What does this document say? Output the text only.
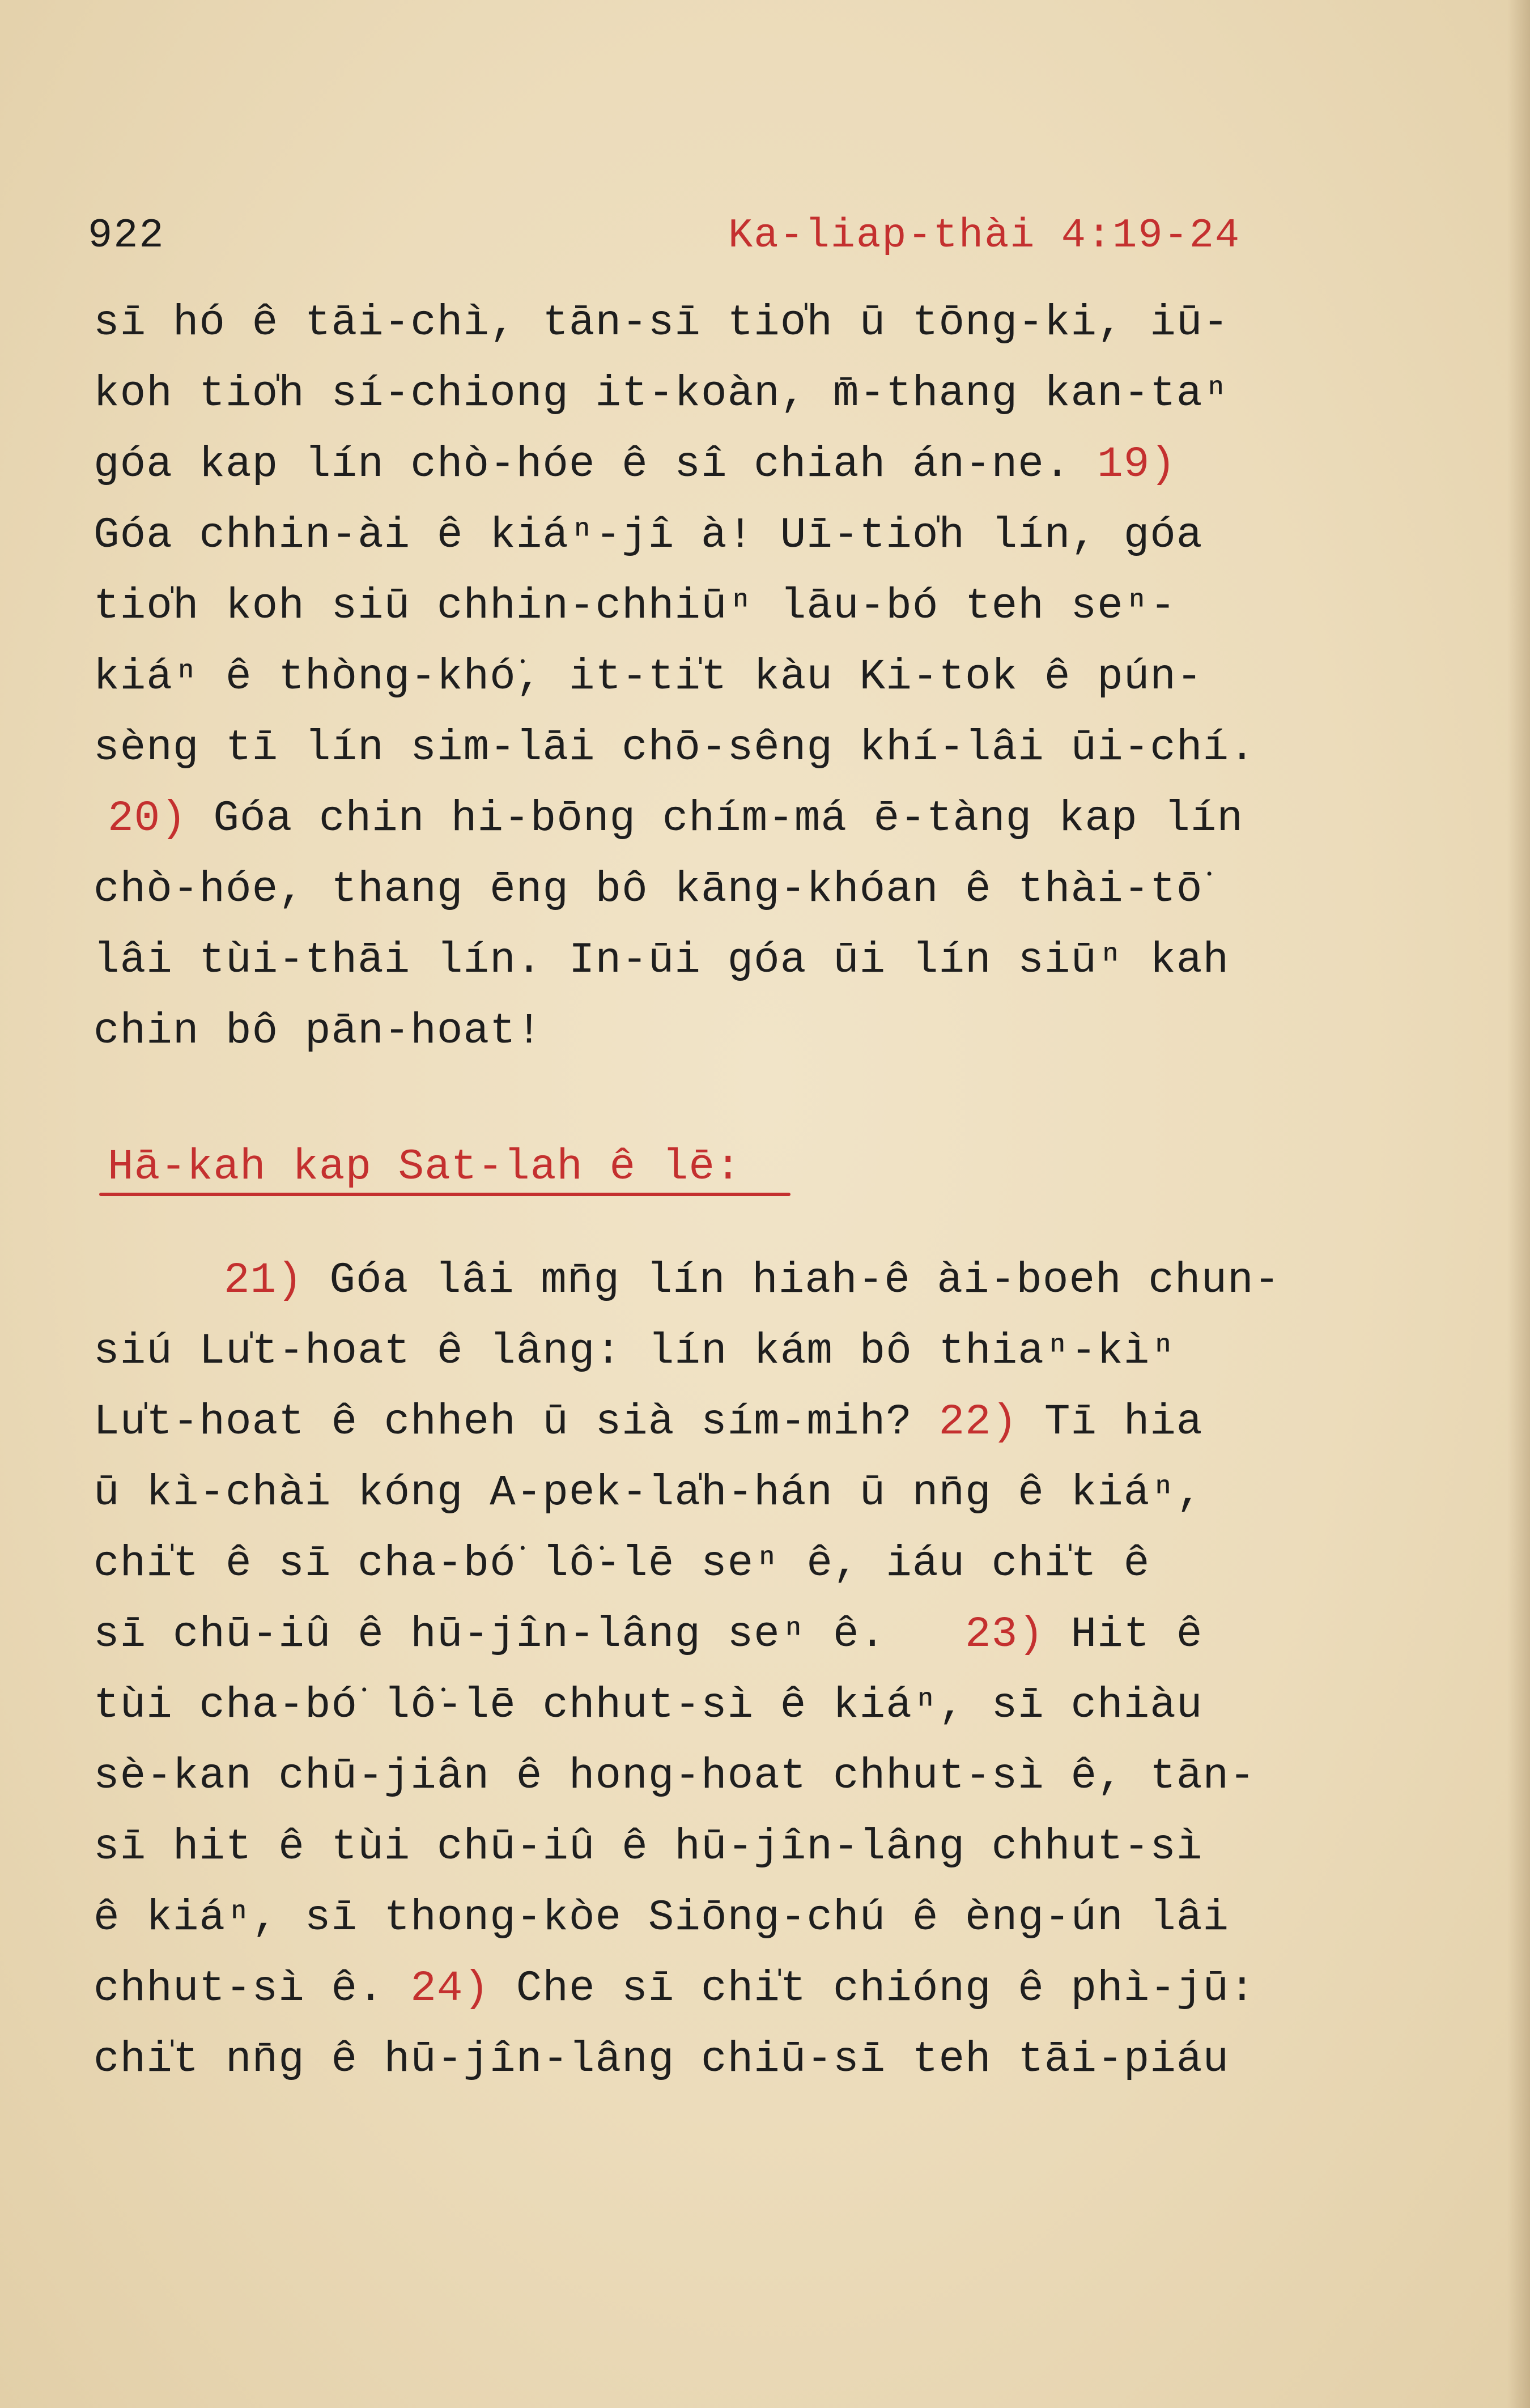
922	Ka-liap-thài 4:19-24
sī hó ê tāi-chì, tān-sī tio̍h ū tōng-ki, iū-
koh tio̍h sí-chiong it-koàn, m̄-thang kan-taⁿ
góa kap lín chò-hóe ê sî chiah án-ne. 19)
Góa chhin-ài ê kiáⁿ-jî à! Uī-tio̍h lín, góa
tio̍h koh siū chhin-chhiūⁿ lāu-bó teh seⁿ-
kiáⁿ ê thòng-khó͘, it-ti̍t kàu Ki-tok ê pún-
sèng tī lín sim-lāi chō-sêng khí-lâi ūi-chí.
20) Góa chin hi-bōng chím-má ē-tàng kap lín
chò-hóe, thang ēng bô kāng-khóan ê thài-tō͘
lâi tùi-thāi lín. In-ūi góa ūi lín siūⁿ kah
chin bô pān-hoat!
Hā-kah kap Sat-lah ê lē:
21) Góa lâi mn̄g lín hiah-ê ài-boeh chun-
siú Lu̍t-hoat ê lâng: lín kám bô thiaⁿ-kìⁿ
Lu̍t-hoat ê chheh ū sià sím-mih? 22) Tī hia
ū kì-chài kóng A-pek-la̍h-hán ū nn̄g ê kiáⁿ,
chi̍t ê sī cha-bó͘ lô͘-lē seⁿ ê, iáu chi̍t ê
sī chū-iû ê hū-jîn-lâng seⁿ ê.   23) Hit ê
tùi cha-bó͘ lô͘-lē chhut-sì ê kiáⁿ, sī chiàu
sè-kan chū-jiân ê hong-hoat chhut-sì ê, tān-
sī hit ê tùi chū-iû ê hū-jîn-lâng chhut-sì
ê kiáⁿ, sī thong-kòe Siōng-chú ê èng-ún lâi
chhut-sì ê. 24) Che sī chi̍t chióng ê phì-jū:
chi̍t nn̄g ê hū-jîn-lâng chiū-sī teh tāi-piáu
